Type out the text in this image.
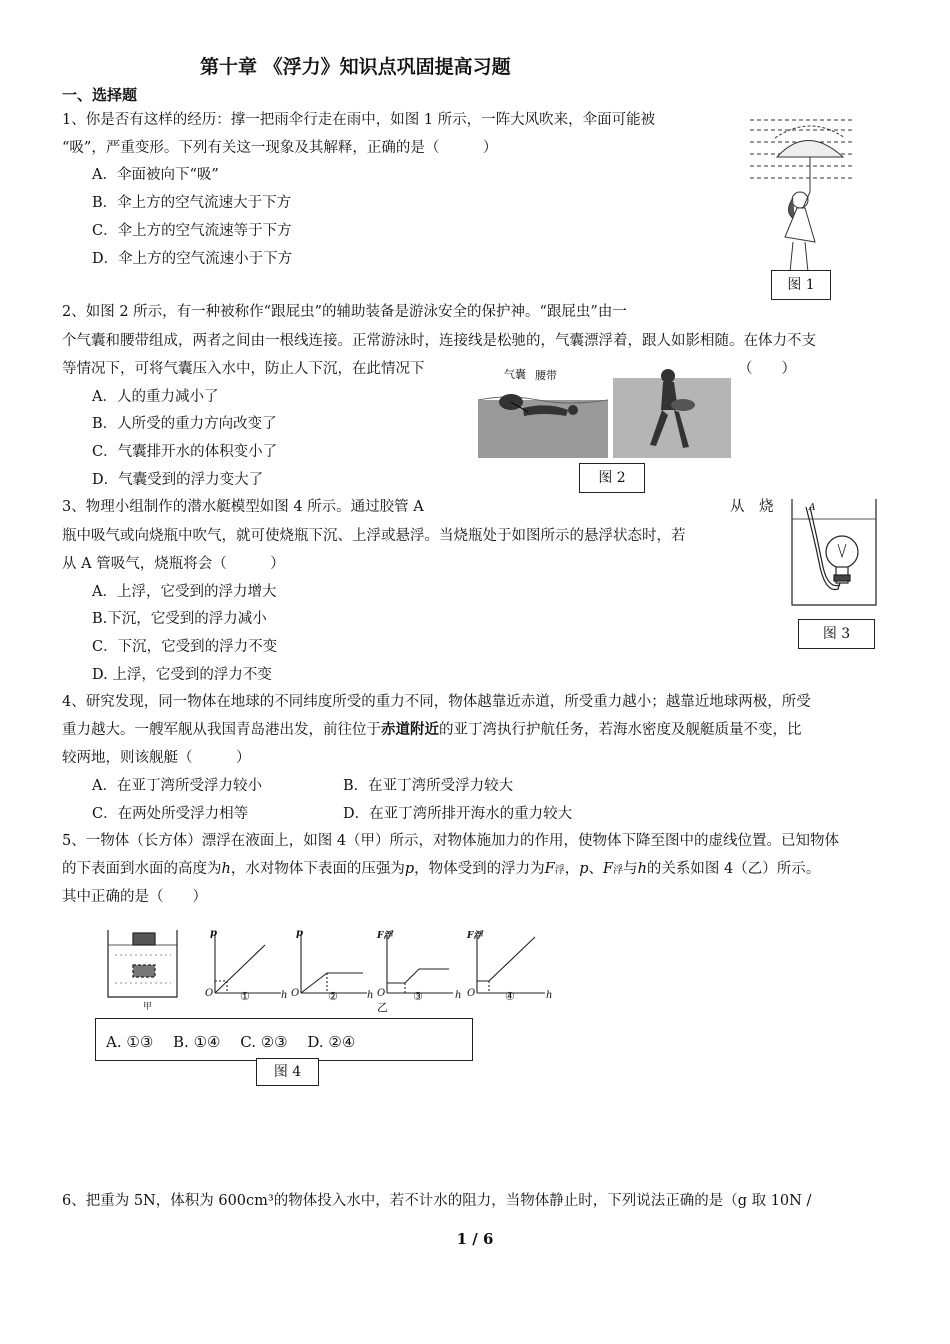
第十章 《浮力》知识点巩固提高习题
一、选择题
1、你是否有这样的经历：撑一把雨伞行走在雨中，如图 1 所示，一阵大风吹来，伞面可能被
“吸”，严重变形。下列有关这一现象及其解释，正确的是（　　　）
A．伞面被向下“吸”
B．伞上方的空气流速大于下方
C．伞上方的空气流速等于下方
D．伞上方的空气流速小于下方
图 1
2、如图 2 所示，有一种被称作“跟屁虫”的辅助装备是游泳安全的保护神。“跟屁虫”由一
个气囊和腰带组成，两者之间由一根线连接。正常游泳时，连接线是松驰的，气囊漂浮着，跟人如影相随。在体力不支
等情况下，可将气囊压入水中，防止人下沉，在此情况下	（　　）
A．人的重力减小了
B．人所受的重力方向改变了
C．气囊排开水的体积变小了
D．气囊受到的浮力变大了
气囊 腰带
图 2
3、物理小组制作的潜水艇模型如图 4 所示。通过胶管 A	从　烧
瓶中吸气或向烧瓶中吹气，就可使烧瓶下沉、上浮或悬浮。当烧瓶处于如图所示的悬浮状态时，若
从 A 管吸气，烧瓶将会（　　　）
A．上浮，它受到的浮力增大
B.下沉，它受到的浮力减小
C．下沉，它受到的浮力不变
D. 上浮，它受到的浮力不变
A
图 3
4、研究发现，同一物体在地球的不同纬度所受的重力不同，物体越靠近赤道，所受重力越小；越靠近地球两极，所受
重力越大。一艘军舰从我国青岛港出发，前往位于赤道附近的亚丁湾执行护航任务，若海水密度及舰艇质量不变，比
较两地，则该舰艇（　　　）
A．在亚丁湾所受浮力较小	B．在亚丁湾所受浮力较大
C．在两处所受浮力相等	D．在亚丁湾所排开海水的重力较大
5、一物体（长方体）漂浮在液面上，如图 4（甲）所示，对物体施加力的作用，使物体下降至图中的虚线位置。已知物体
的下表面到水面的高度为h，水对物体下表面的压强为p，物体受到的浮力为F浮，p、F浮与h的关系如图 4（乙）所示。
其中正确的是（　　）
p	p	F浮	F浮
O	O	O	O
①	②	③	④
h	h	h	h
甲	乙
A. ①③　 B. ①④　 C. ②③　 D. ②④
图 4
6、把重为 5N，体积为 600cm³的物体投入水中，若不计水的阻力，当物体静止时，下列说法正确的是（g 取 10N /
1 / 6
